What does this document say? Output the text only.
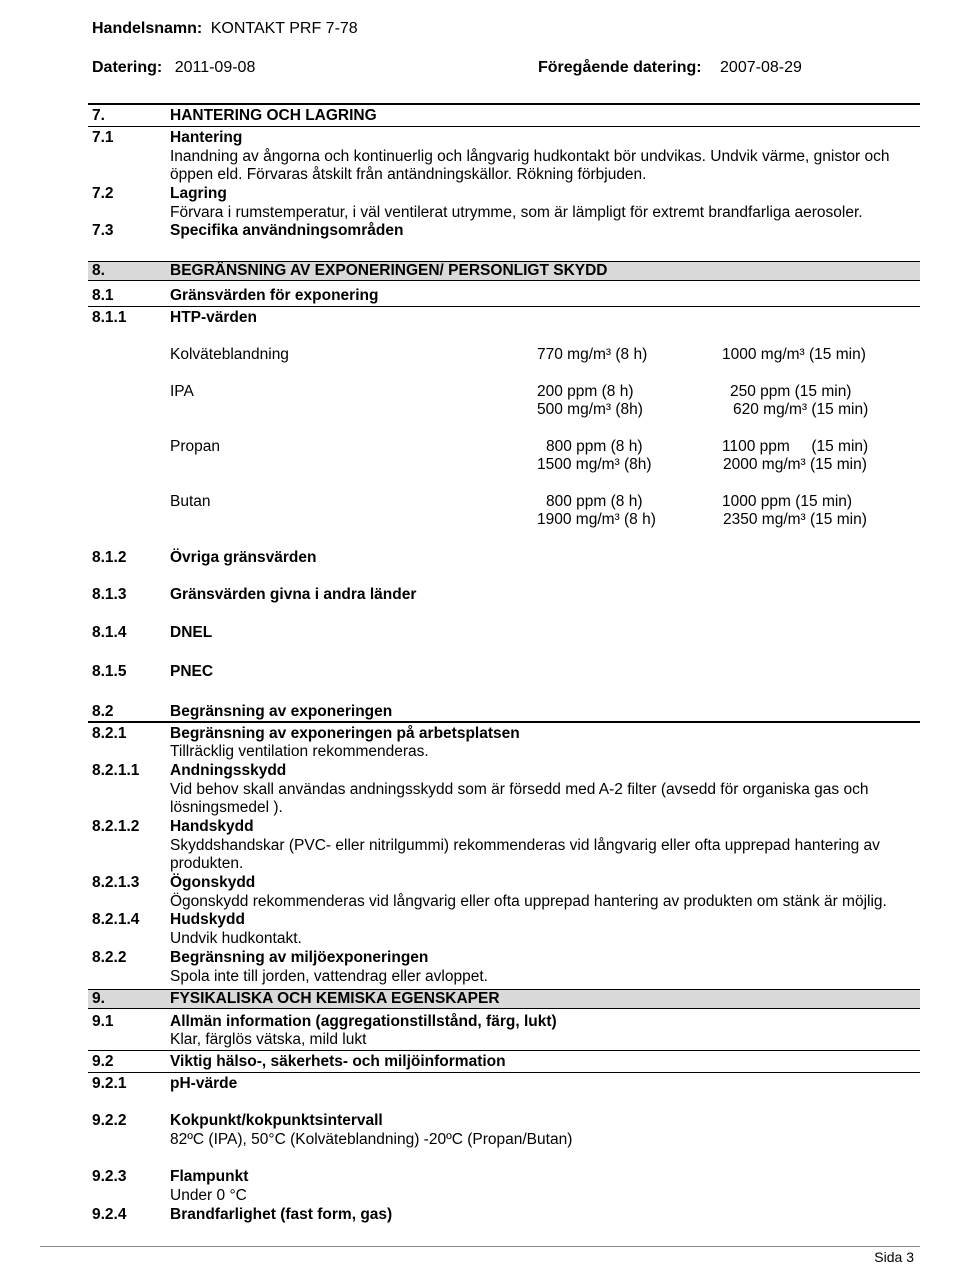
Handelsnamn: KONTAKT PRF 7-78
Datering: 2011-09-08	Föregående datering: 2007-08-29
7.	HANTERING OCH LAGRING
7.1	Hantering
Inandning av ångorna och kontinuerlig och långvarig hudkontakt bör undvikas. Undvik värme, gnistor och
öppen eld. Förvaras åtskilt från antändningskällor. Rökning förbjuden.
7.2	Lagring
Förvara i rumstemperatur, i väl ventilerat utrymme, som är lämpligt för extremt brandfarliga aerosoler.
7.3	Specifika användningsområden
8.	BEGRÄNSNING AV EXPONERINGEN/ PERSONLIGT SKYDD
8.1	Gränsvärden för exponering
8.1.1	HTP-värden
Kolväteblandning	770 mg/m³ (8 h)	1000 mg/m³ (15 min)
IPA	200 ppm (8 h)	250 ppm (15 min)
500 mg/m³ (8h)	620 mg/m³ (15 min)
Propan	800 ppm (8 h)	1100 ppm     (15 min)
1500 mg/m³ (8h)	2000 mg/m³ (15 min)
Butan	800 ppm (8 h)	1000 ppm (15 min)
1900 mg/m³ (8 h)	2350 mg/m³ (15 min)
8.1.2	Övriga gränsvärden
8.1.3	Gränsvärden givna i andra länder
8.1.4	DNEL
8.1.5	PNEC
8.2	Begränsning av exponeringen
8.2.1	Begränsning av exponeringen på arbetsplatsen
Tillräcklig ventilation rekommenderas.
8.2.1.1 Andningsskydd
Vid behov skall användas andningsskydd som är försedd med A-2 filter (avsedd för organiska gas och
lösningsmedel ).
8.2.1.2 Handskydd
Skyddshandskar (PVC- eller nitrilgummi) rekommenderas vid långvarig eller ofta upprepad hantering av
produkten.
8.2.1.3 Ögonskydd
Ögonskydd rekommenderas vid långvarig eller ofta upprepad hantering av produkten om stänk är möjlig.
8.2.1.4 Hudskydd
Undvik hudkontakt.
8.2.2	Begränsning av miljöexponeringen
Spola inte till jorden, vattendrag eller avloppet.
9.	FYSIKALISKA OCH KEMISKA EGENSKAPER
9.1	Allmän information (aggregationstillstånd, färg, lukt)
Klar, färglös vätska, mild lukt
9.2	Viktig hälso-, säkerhets- och miljöinformation
9.2.1	pH-värde
9.2.2	Kokpunkt/kokpunktsintervall
82ºC (IPA), 50°C (Kolväteblandning) -20ºC (Propan/Butan)
9.2.3	Flampunkt
Under 0 °C
9.2.4	Brandfarlighet (fast form, gas)
Sida 3
